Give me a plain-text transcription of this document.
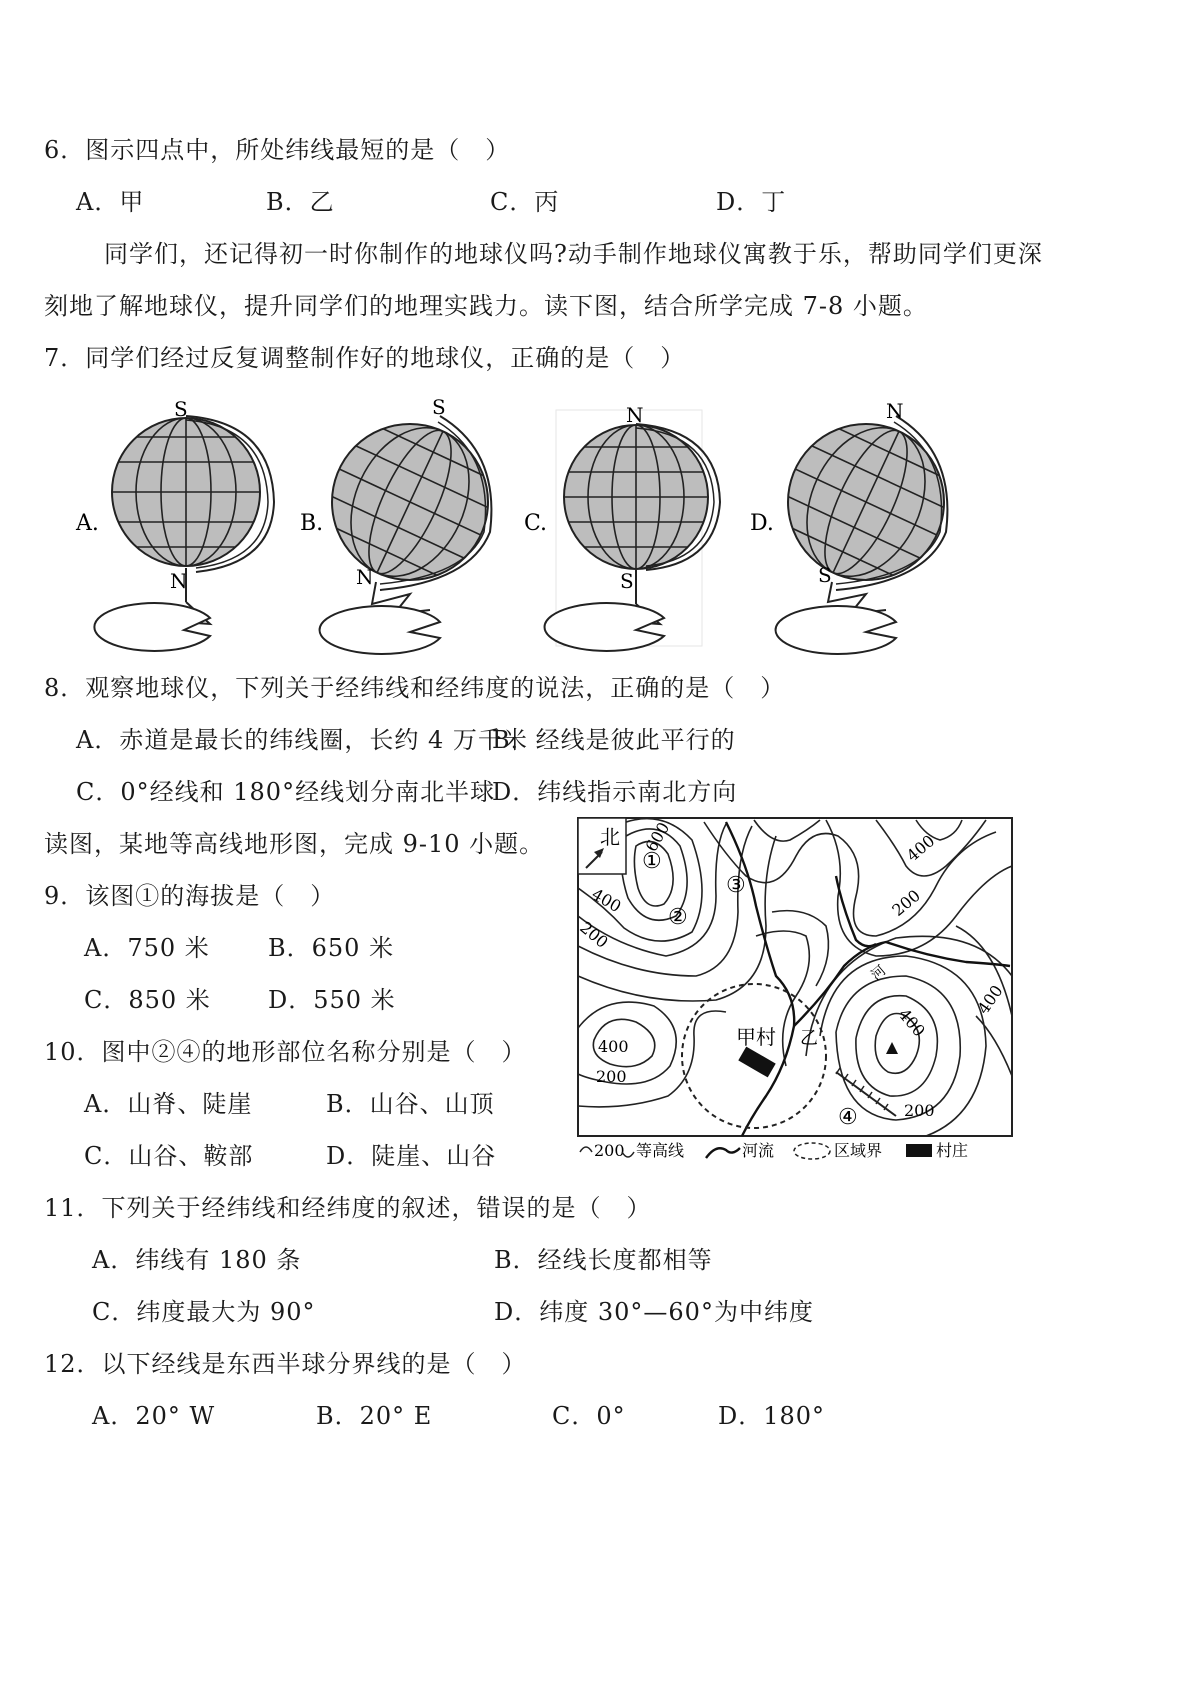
6．图示四点中，所处纬线最短的是（　）
A．甲	B．乙	C．丙	D．丁
同学们，还记得初一时你制作的地球仪吗?动手制作地球仪寓教于乐，帮助同学们更深
刻地了解地球仪，提升同学们的地理实践力。读下图，结合所学完成 7-8 小题。
7．同学们经过反复调整制作好的地球仪，正确的是（　）
A.
S
N
B.
S
N
C.
N
S
D.
N
S
8．观察地球仪，下列关于经纬线和经纬度的说法，正确的是（　）
A．赤道是最长的纬线圈，长约 4 万千米
B．经线是彼此平行的
C．0°经线和 180°经线划分南北半球
D．纬线指示南北方向
读图，某地等高线地形图，完成 9-10 小题。
9．该图①的海拔是（　）
A．750 米 B．650 米
C．850 米 D．550 米
10．图中②④的地形部位名称分别是（　）
A．山脊、陡崖	B．山谷、山顶
C．山谷、鞍部	D．陡崖、山谷
北 600
400
200
400
200
400
400
400
200
200
①
②
③
④
河
甲村 乙
200 等高线	河流	区域界	村庄
11．下列关于经纬线和经纬度的叙述，错误的是（　）
A．纬线有 180 条	B．经线长度都相等
C．纬度最大为 90°	D．纬度 30°—60°为中纬度
12．以下经线是东西半球分界线的是（　）
A．20° W	B．20° E	C．0°	D．180°
